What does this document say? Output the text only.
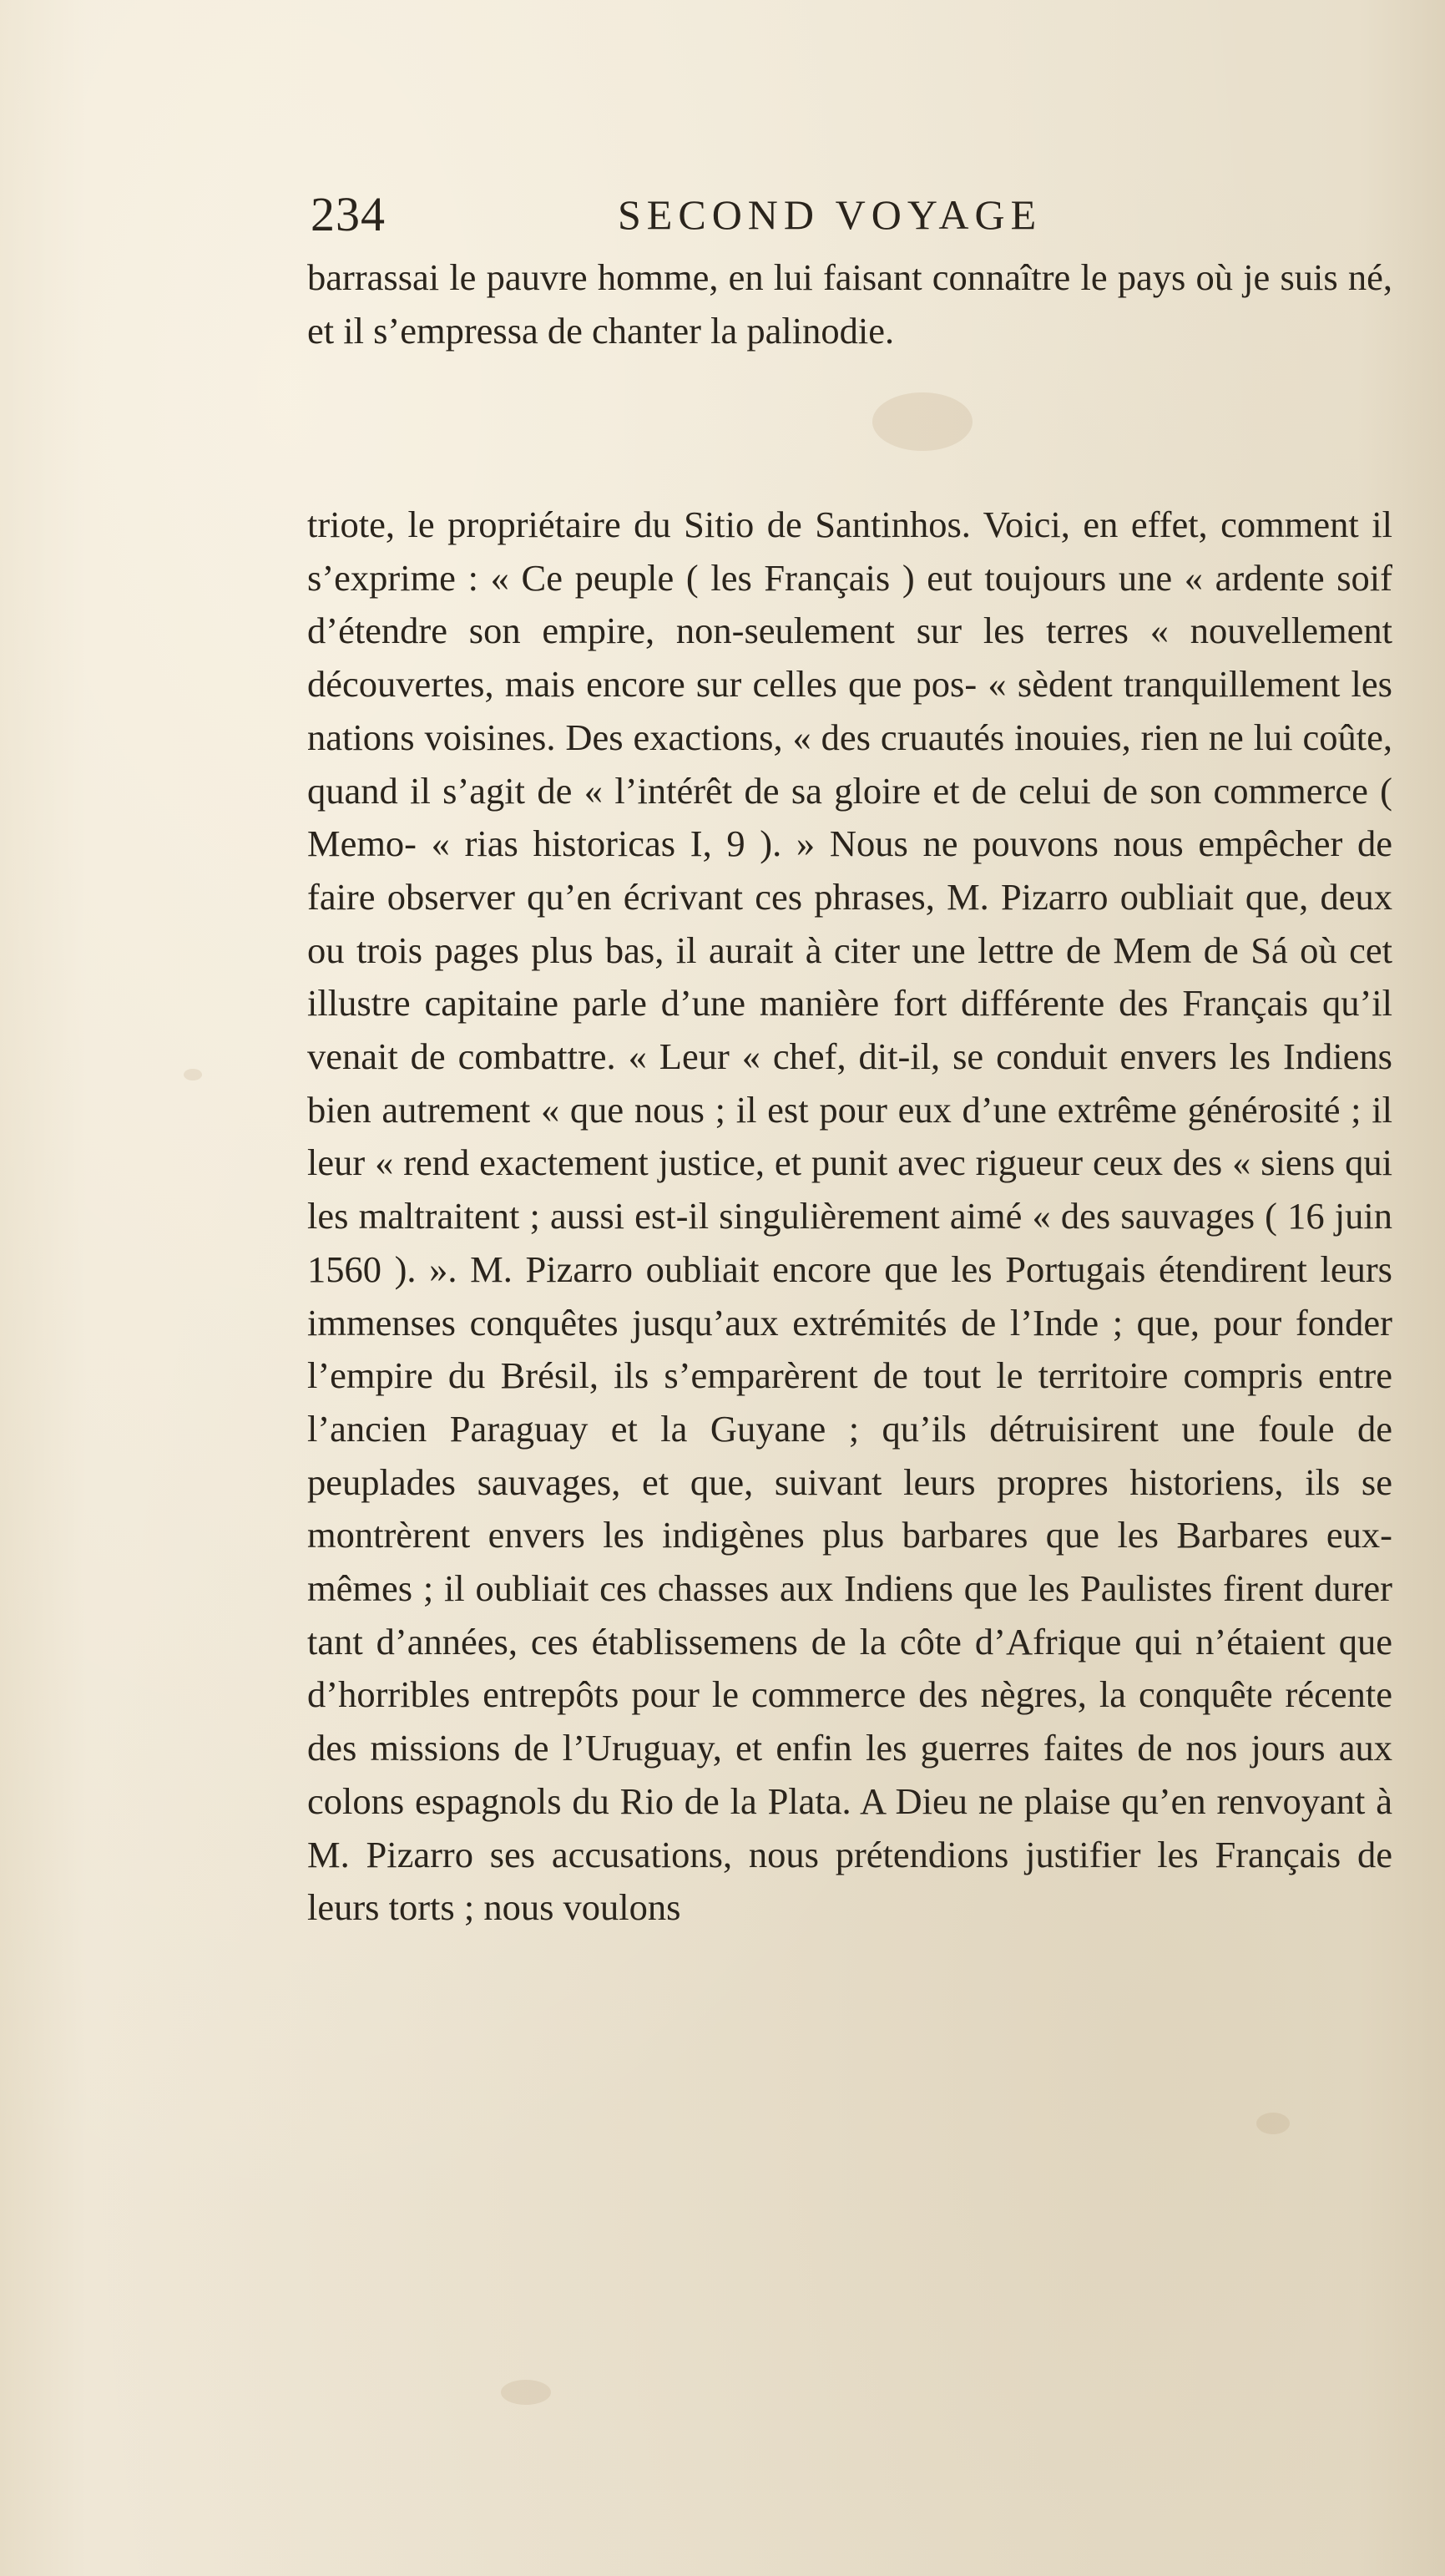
234	SECOND VOYAGE

barrassai le pauvre homme, en lui faisant connaître le pays où je suis né, et il s’empressa de chanter la palinodie.

triote, le propriétaire du Sitio de Santinhos. Voici, en effet, comment il s’exprime : « Ce peuple ( les Français ) eut toujours une « ardente soif d’étendre son empire, non-seulement sur les terres « nouvellement découvertes, mais encore sur celles que pos- « sèdent tranquillement les nations voisines. Des exactions, « des cruautés inouies, rien ne lui coûte, quand il s’agit de « l’intérêt de sa gloire et de celui de son commerce ( Memo- « rias historicas I, 9 ). » Nous ne pouvons nous empêcher de faire observer qu’en écrivant ces phrases, M. Pizarro oubliait que, deux ou trois pages plus bas, il aurait à citer une lettre de Mem de Sá où cet illustre capitaine parle d’une manière fort différente des Français qu’il venait de combattre. « Leur « chef, dit-il, se conduit envers les Indiens bien autrement « que nous ; il est pour eux d’une extrême générosité ; il leur « rend exactement justice, et punit avec rigueur ceux des « siens qui les maltraitent ; aussi est-il singulièrement aimé « des sauvages ( 16 juin 1560 ). ». M. Pizarro oubliait encore que les Portugais étendirent leurs immenses conquêtes jusqu’aux extrémités de l’Inde ; que, pour fonder l’empire du Brésil, ils s’emparèrent de tout le territoire compris entre l’ancien Paraguay et la Guyane ; qu’ils détruisirent une foule de peuplades sauvages, et que, suivant leurs propres historiens, ils se montrèrent envers les indigènes plus barbares que les Barbares eux-mêmes ; il oubliait ces chasses aux Indiens que les Paulistes firent durer tant d’années, ces établissemens de la côte d’Afrique qui n’étaient que d’horribles entrepôts pour le commerce des nègres, la conquête récente des missions de l’Uruguay, et enfin les guerres faites de nos jours aux colons espagnols du Rio de la Plata. A Dieu ne plaise qu’en renvoyant à M. Pizarro ses accusations, nous prétendions justifier les Français de leurs torts ; nous voulons
